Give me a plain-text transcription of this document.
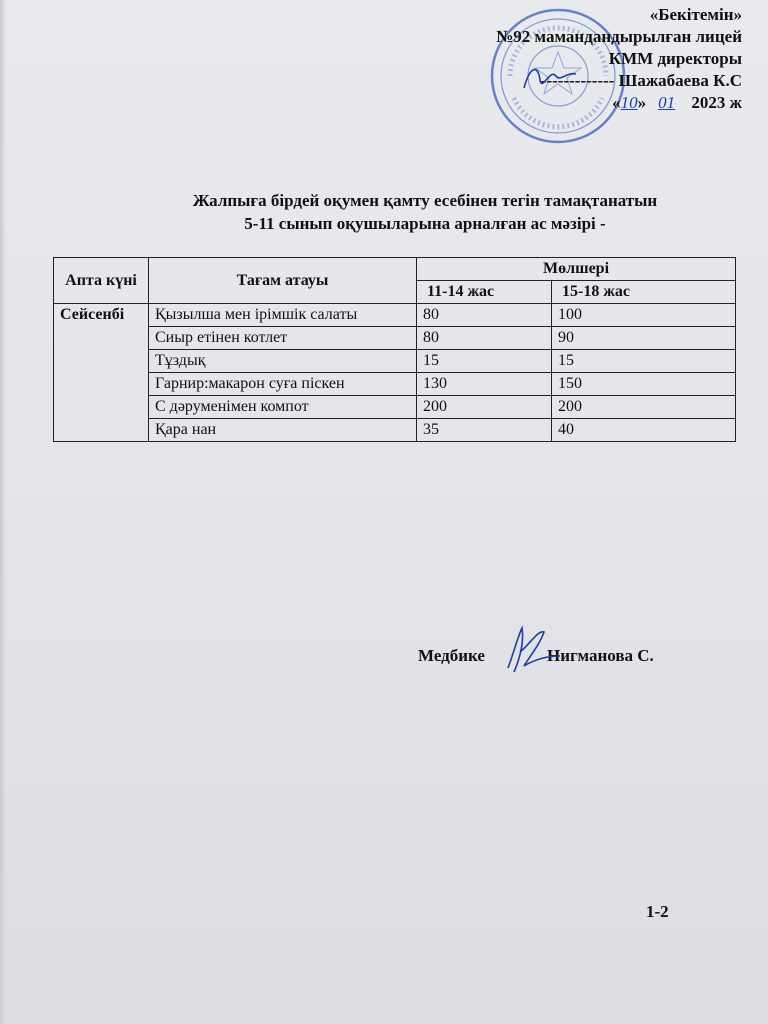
«Бекітемін»
№92 мамандандырылған лицей
КММ директоры
------------- Шажабаева К.С
«10» 01 2023 ж
Жалпыға бірдей оқумен қамту есебінен тегін тамақтанатын
5-11 сынып оқушыларына арналған ас мәзірі -
Апта күні	Тағам атауы	Мөлшері	
		11-14 жас	15-18 жас
Сейсенбі	Қызылша мен ірімшік салаты	80	100
	Сиыр етінен котлет	80	90
	Тұздық	15	15
	Гарнир:макарон суға піскен	130	150
	С дәруменімен компот	200	200
	Қара нан	35	40
Медбике	Нигманова С.
1-2
